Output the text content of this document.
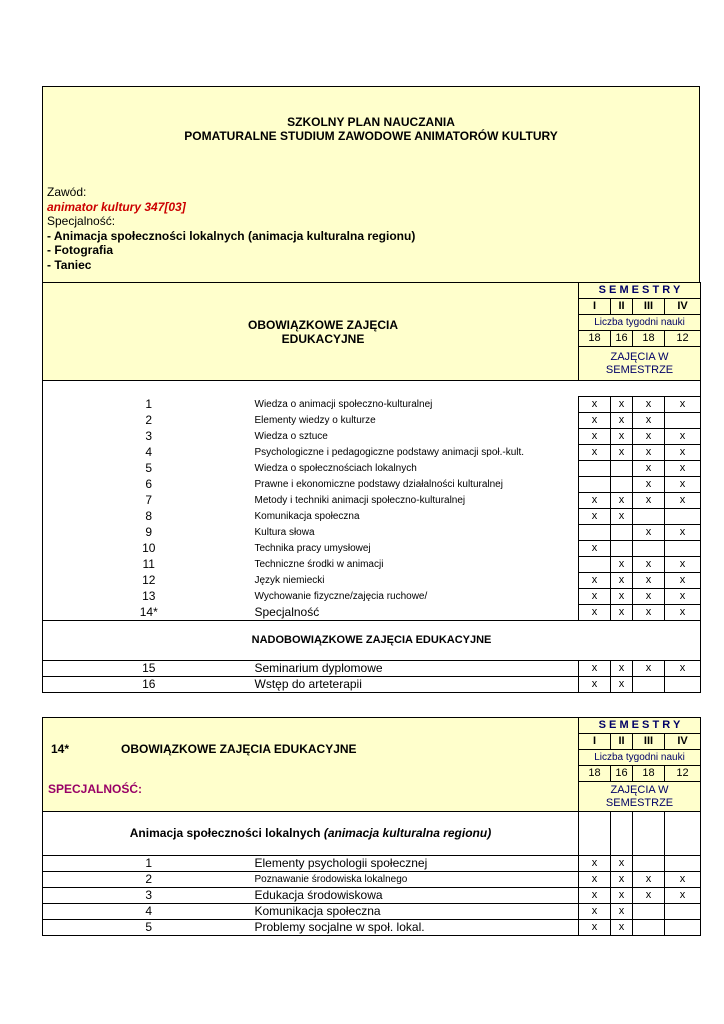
SZKOLNY PLAN NAUCZANIA
POMATURALNE STUDIUM ZAWODOWE ANIMATORÓW KULTURY
Zawód:
animator kultury 347[03]
Specjalność:
- Animacja społeczności lokalnych (animacja kulturalna regionu)
- Fotografia
- Taniec
OBOWIĄZKOWE ZAJĘCIA EDUKACYJNE		S E M E S T R Y			
		I	II	III	IV
		Liczba tygodni nauki			
		18	16	18	12
		ZAJĘCIA W SEMESTRZE			

1	Wiedza o animacji społeczno-kulturalnej	x	x	x	x
2	Elementy wiedzy o kulturze	x	x	x	
3	Wiedza o sztuce	x	x	x	x
4	Psychologiczne i pedagogiczne podstawy animacji społ.-kult.	x	x	x	x
5	Wiedza o społecznościach lokalnych			x	x
6	Prawne i ekonomiczne podstawy działalności kulturalnej			x	x
7	Metody i techniki animacji społeczno-kulturalnej	x	x	x	x
8	Komunikacja społeczna	x	x		
9	Kultura słowa			x	x
10	Technika pracy umysłowej	x			
11	Techniczne środki w animacji		x	x	x
12	Język niemiecki	x	x	x	x
13	Wychowanie fizyczne/zajęcia ruchowe/	x	x	x	x
14*	Specjalność	x	x	x	x
NADOBOWIĄZKOWE ZAJĘCIA EDUKACYJNE					
15	Seminarium dyplomowe	x	x	x	x
16	Wstęp do arteterapii	x	x		
14* OBOWIĄZKOWE ZAJĘCIA EDUKACYJNE
SPECJALNOŚĆ:		S E M E S T R Y			
		I	II	III	IV
		Liczba tygodni nauki			
		18	16	18	12
		ZAJĘCIA W SEMESTRZE			
Animacja społeczności lokalnych (animacja kulturalna regionu)					
1	Elementy psychologii społecznej	x	x		
2	Poznawanie środowiska lokalnego	x	x	x	x
3	Edukacja środowiskowa	x	x	x	x
4	Komunikacja społeczna	x	x		
5	Problemy socjalne w społ. lokal.	x	x		
